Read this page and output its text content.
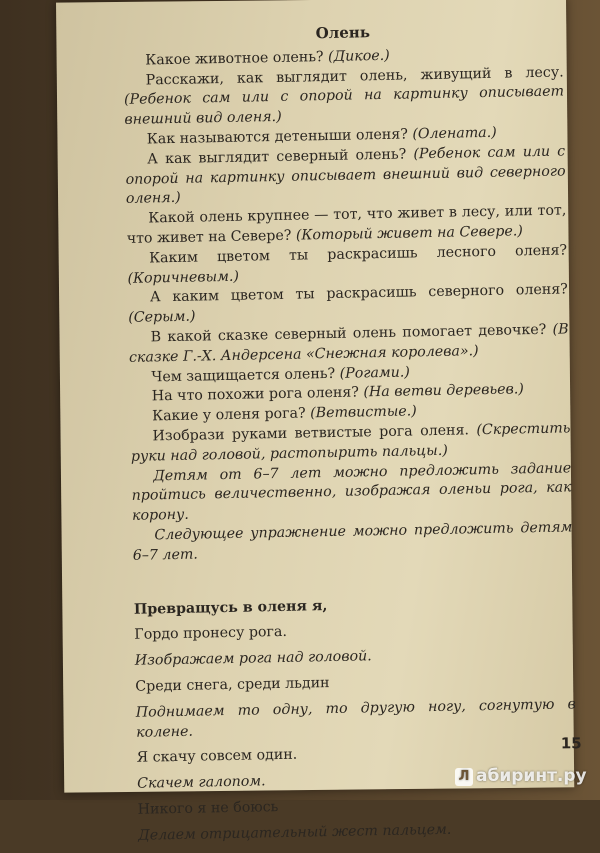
Олень

Какое животное олень? (Дикое.)

Расскажи, как выглядит олень, живущий в лесу. (Ребенок сам или с опорой на картинку описывает внешний вид оленя.)

Как называются детеныши оленя? (Олената.)

А как выглядит северный олень? (Ребенок сам или с опорой на картинку описывает внешний вид северного оленя.)

Какой олень крупнее — тот, что живет в лесу, или тот, что живет на Севере? (Который живет на Севере.)

Каким цветом ты раскрасишь лесного оленя? (Коричневым.)

А каким цветом ты раскрасишь северного оленя? (Серым.)

В какой сказке северный олень помогает девочке? (В сказке Г.-Х. Андерсена «Снежная королева».)

Чем защищается олень? (Рогами.)

На что похожи рога оленя? (На ветви деревьев.)

Какие у оленя рога? (Ветвистые.)

Изобрази руками ветвистые рога оленя. (Скрестить руки над головой, растопырить пальцы.)

Детям от 6–7 лет можно предложить задание пройтись величественно, изображая оленьи рога, как корону.

Следующее упражнение можно предложить детям 6–7 лет.

Превращусь в оленя я,
Гордо пронесу рога.
Изображаем рога над головой.
Среди снега, среди льдин
Поднимаем то одну, то другую ногу, согнутую в колене.
Я скачу совсем один.
Скачем галопом.
Никого я не боюсь
Делаем отрицательный жест пальцем.
15
Л абиринт.ру
